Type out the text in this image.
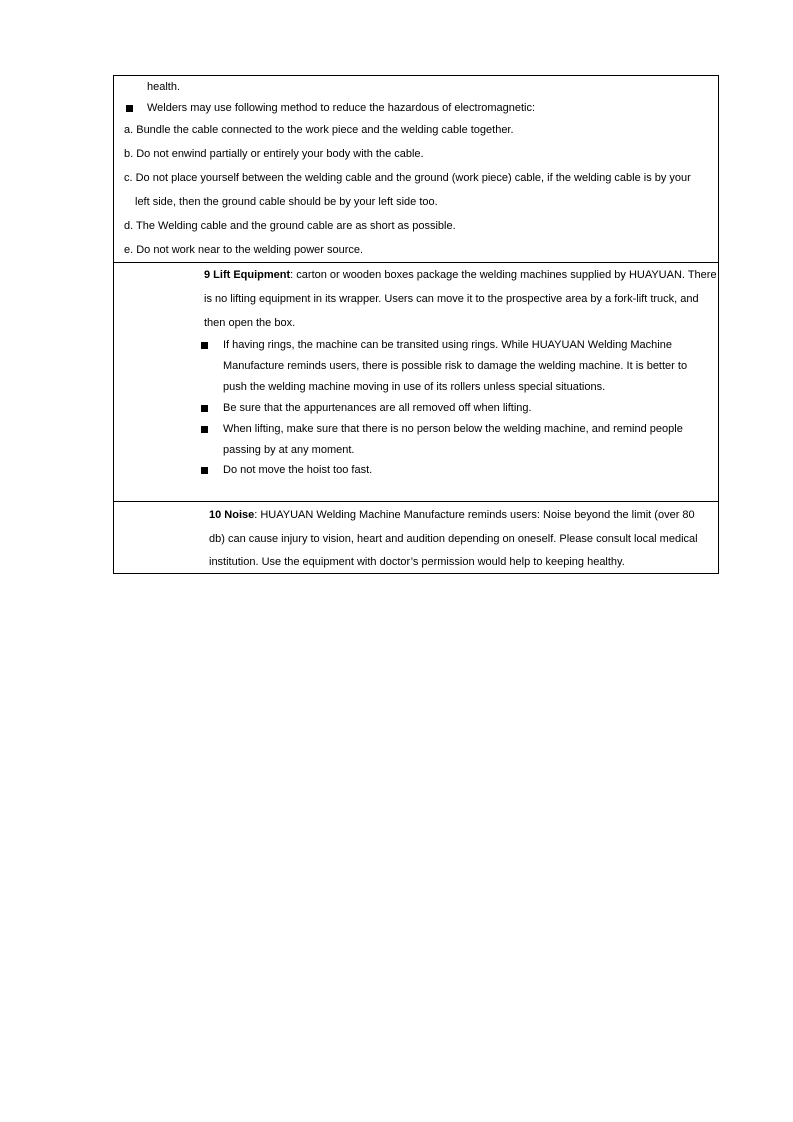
health.
Welders may use following method to reduce the hazardous of electromagnetic:
a. Bundle the cable connected to the work piece and the welding cable together.
b. Do not enwind partially or entirely your body with the cable.
c. Do not place yourself between the welding cable and the ground (work piece) cable, if the welding cable is by your
left side, then the ground cable should be by your left side too.
d. The Welding cable and the ground cable are as short as possible.
e. Do not work near to the welding power source.
9 Lift Equipment: carton or wooden boxes package the welding machines supplied by HUAYUAN. There
is no lifting equipment in its wrapper. Users can move it to the prospective area by a fork-lift truck, and
then open the box.
If having rings, the machine can be transited using rings. While HUAYUAN Welding Machine
Manufacture reminds users, there is possible risk to damage the welding machine. It is better to
push the welding machine moving in use of its rollers unless special situations.
Be sure that the appurtenances are all removed off when lifting.
When lifting, make sure that there is no person below the welding machine, and remind people
passing by at any moment.
Do not move the hoist too fast.
10 Noise: HUAYUAN Welding Machine Manufacture reminds users: Noise beyond the limit (over 80
db) can cause injury to vision, heart and audition depending on oneself. Please consult local medical
institution. Use the equipment with doctor’s permission would help to keeping healthy.
